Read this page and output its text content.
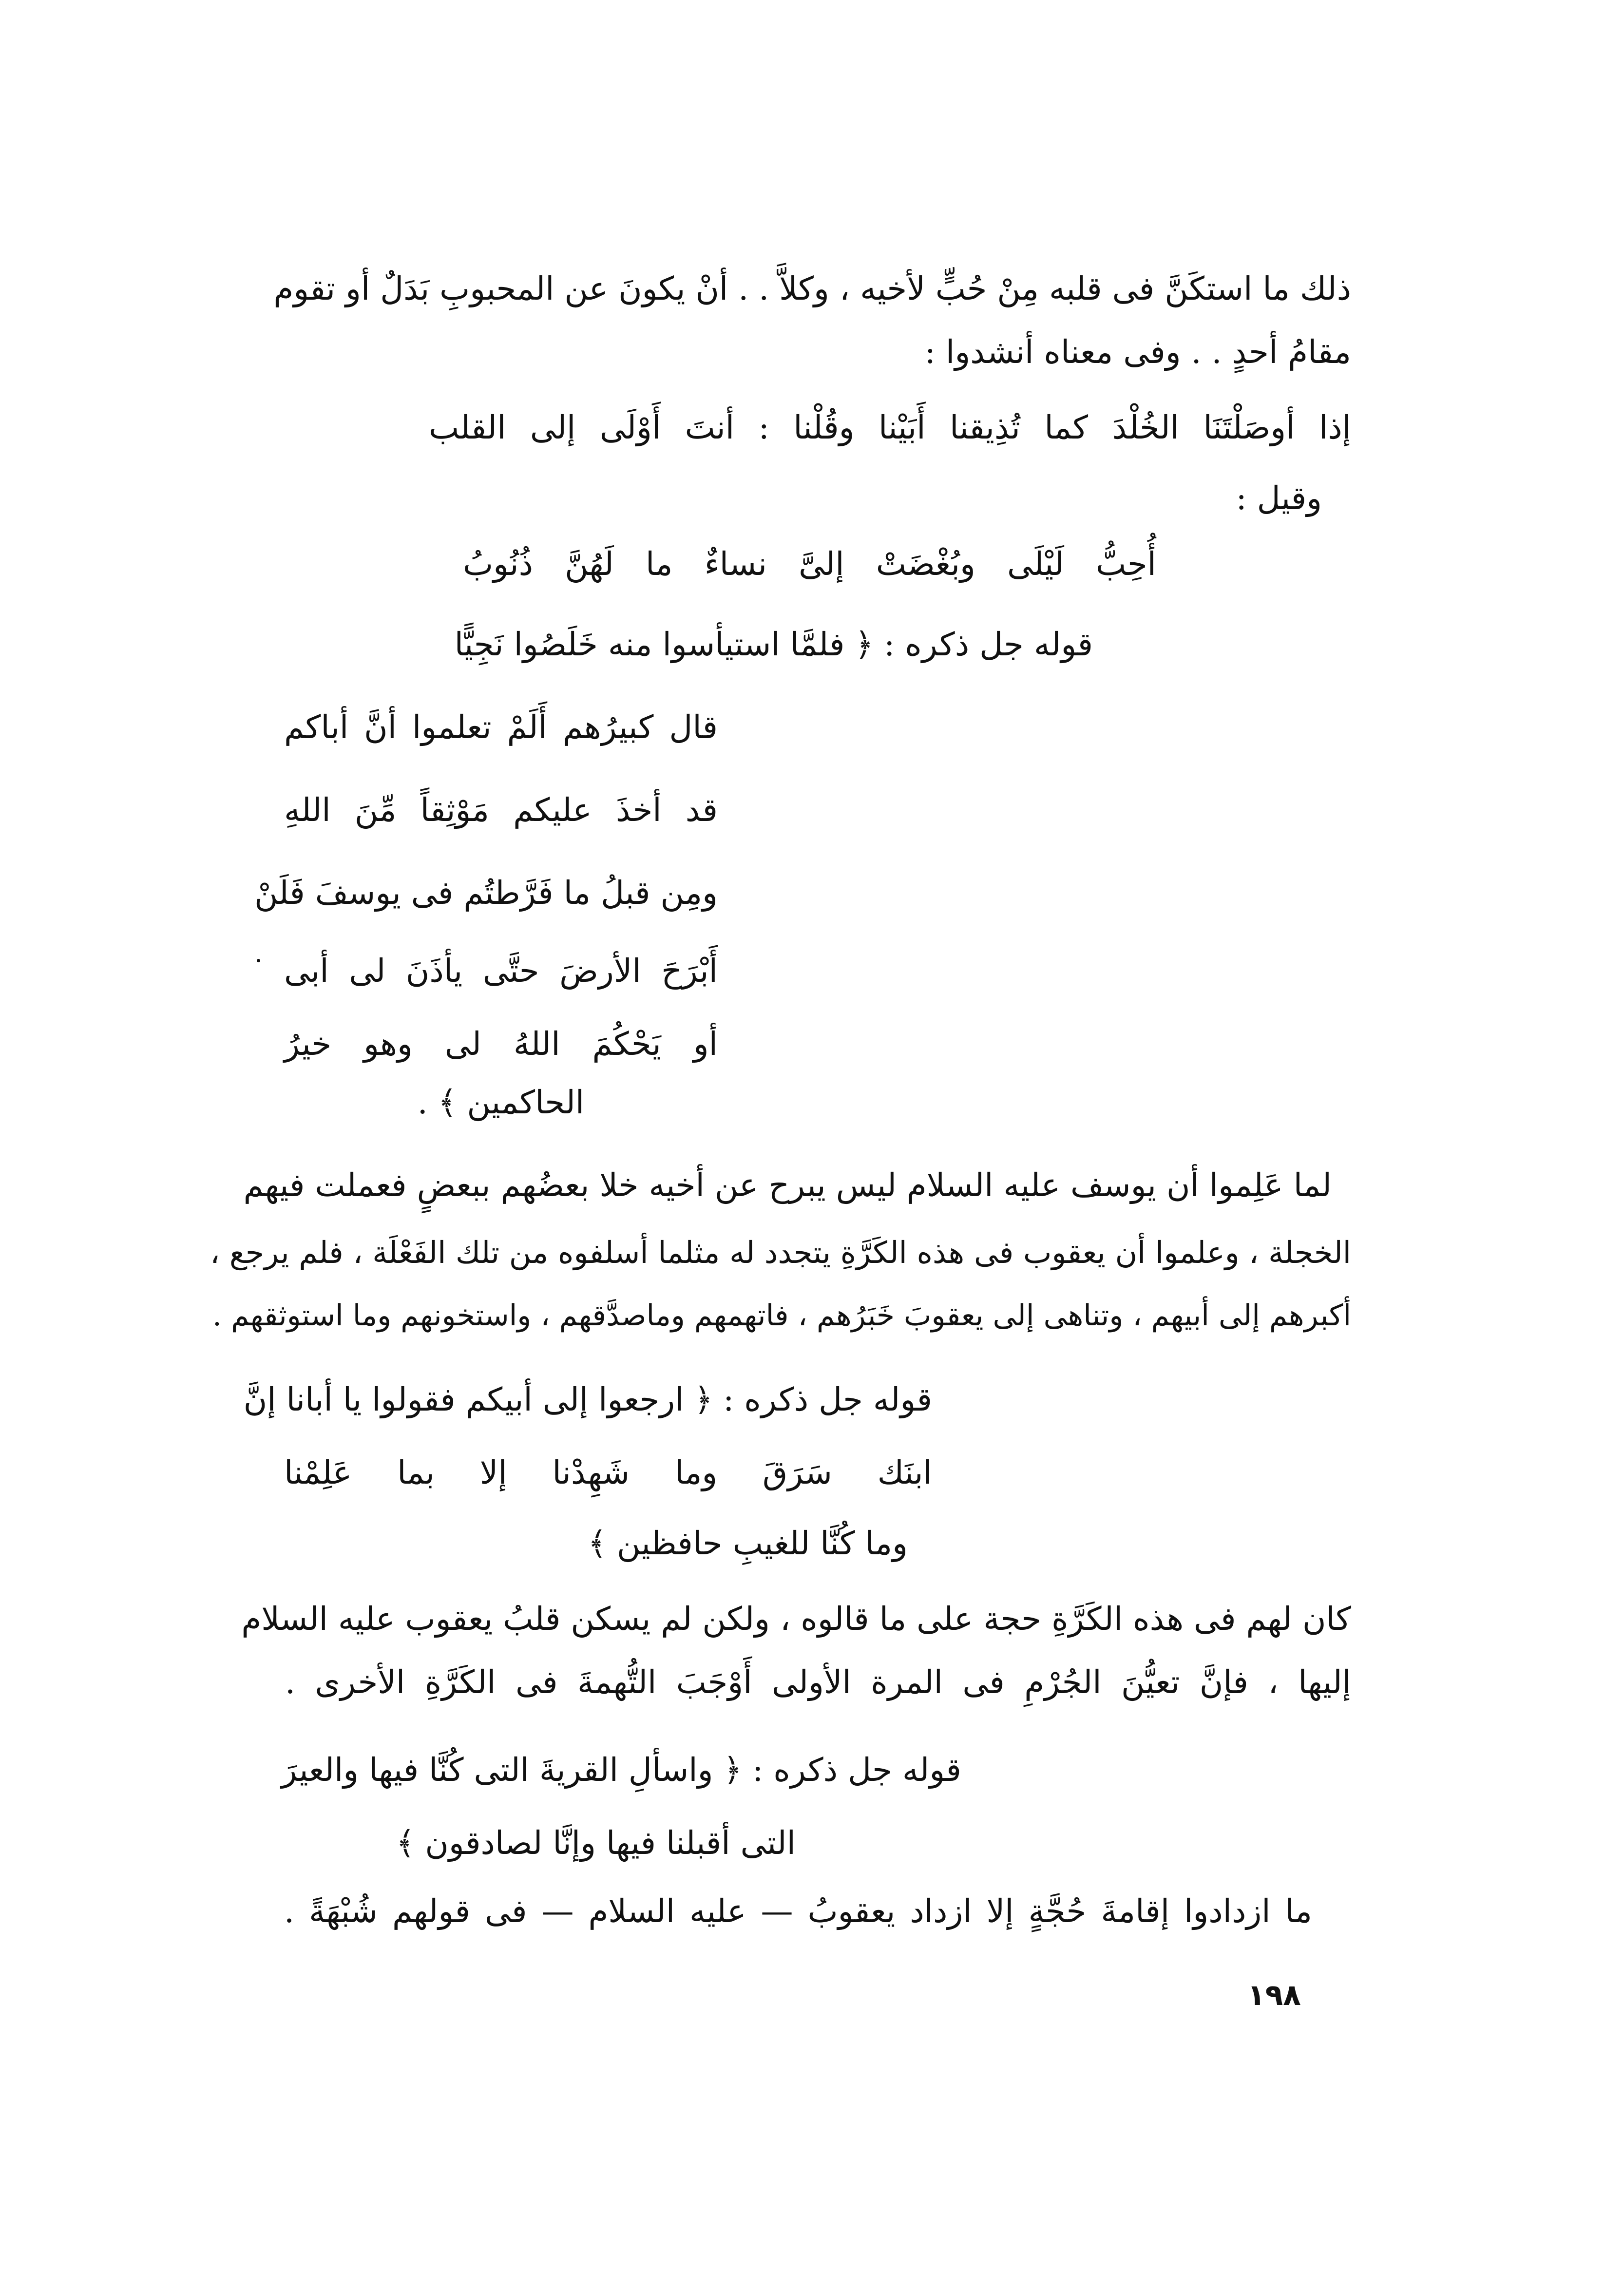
ذلك ما استكَنَّ فى قلبه مِنْ حُبٍّ لأخيه ، وكلاَّ . . أنْ يكونَ عن المحبوبِ بَدَلٌ أو تقوم
مقامُ أحدٍ . . وفى معناه أنشدوا :
إذا أوصَلْتَنَا الخُلْدَ كما تُذِيقنا أَبَيْنا وقُلْنا : أنتَ أَوْلَى إلى القلب
وقيل :
أُحِبُّ لَيْلَى وبُغْضَتْ إلىَّ نساءٌ ما لَهُنَّ ذُنُوبُ
قوله جل ذكره : ﴿ فلمَّا استيأسوا منه خَلَصُوا نَجِيًّا
قال كبيرُهم أَلَمْ تعلموا أنَّ أباكم
قد أخذَ عليكم مَوْثِقاً مِّنَ اللهِ
ومِن قبلُ ما فَرَّطتُم فى يوسفَ فَلَنْ
أَبْرَحَ الأرضَ حتَّى يأذَنَ لى أبى
أو يَحْكُمَ اللهُ لى وهو خيرُ
الحاكمين ﴾ .
لما عَلِموا أن يوسف عليه السلام ليس يبرح عن أخيه خلا بعضُهم ببعضٍ فعملت فيهم
الخجلة ، وعلموا أن يعقوب فى هذه الكَرَّةِ يتجدد له مثلما أسلفوه من تلك الفَعْلَة ، فلم يرجع ،
أكبرهم إلى أبيهم ، وتناهى إلى يعقوبَ خَبَرُهم ، فاتهمهم وماصدَّقهم ، واستخونهم وما استوثقهم .
قوله جل ذكره : ﴿ ارجعوا إلى أبيكم فقولوا يا أبانا إنَّ
ابنَك سَرَقَ وما شَهِدْنا إلا بما عَلِمْنا
وما كُنَّا للغيبِ حافظين ﴾
كان لهم فى هذه الكَرَّةِ حجة على ما قالوه ، ولكن لم يسكن قلبُ يعقوب عليه السلام
إليها ، فإنَّ تعيُّنَ الجُرْمِ فى المرة الأولى أَوْجَبَ التُّهمةَ فى الكَرَّةِ الأخرى .
قوله جل ذكره : ﴿ واسألِ القريةَ التى كُنَّا فيها والعيرَ
التى أقبلنا فيها وإنَّا لصادقون ﴾
ما ازدادوا إقامةَ حُجَّةٍ إلا ازداد يعقوبُ — عليه السلام — فى قولهم شُبْهَةً .
١٩٨
